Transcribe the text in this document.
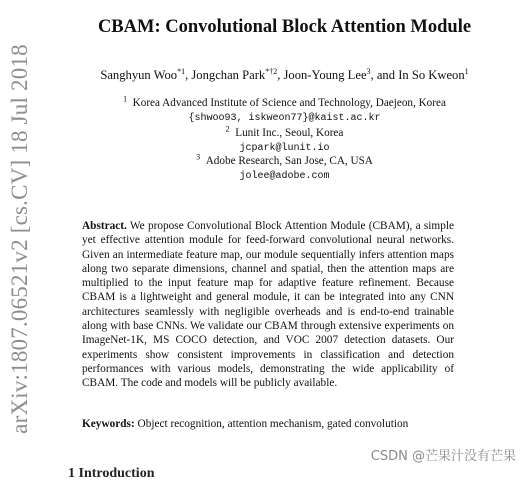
arXiv:1807.06521v2 [cs.CV] 18 Jul 2018
CBAM: Convolutional Block Attention Module
Sanghyun Woo$^{*1}$, Jongchan Park$^{*\dagger 2}$, Joon-Young Lee$^3$, and In So Kweon$^1$
$^1$ Korea Advanced Institute of Science and Technology, Daejeon, Korea
{shwoo93, iskweon77}@kaist.ac.kr
$^2$ Lunit Inc., Seoul, Korea
jcpark@lunit.io
$^3$ Adobe Research, San Jose, CA, USA
jolee@adobe.com
Abstract. We propose Convolutional Block Attention Module (CBAM), a simple yet effective attention module for feed-forward convolutional neural networks. Given an intermediate feature map, our module sequentially infers attention maps along two separate dimensions, channel and spatial, then the attention maps are multiplied to the input feature map for adaptive feature refinement. Because CBAM is a lightweight and general module, it can be integrated into any CNN architectures seamlessly with negligible overheads and is end-to-end trainable along with base CNNs. We validate our CBAM through extensive experiments on ImageNet-1K, MS COCO detection, and VOC 2007 detection datasets. Our experiments show consistent improvements in classification and detection performances with various models, demonstrating the wide applicability of CBAM. The code and models will be publicly available.
Keywords: Object recognition, attention mechanism, gated convolution
CSDN @芒果汁没有芒果
1 Introduction
